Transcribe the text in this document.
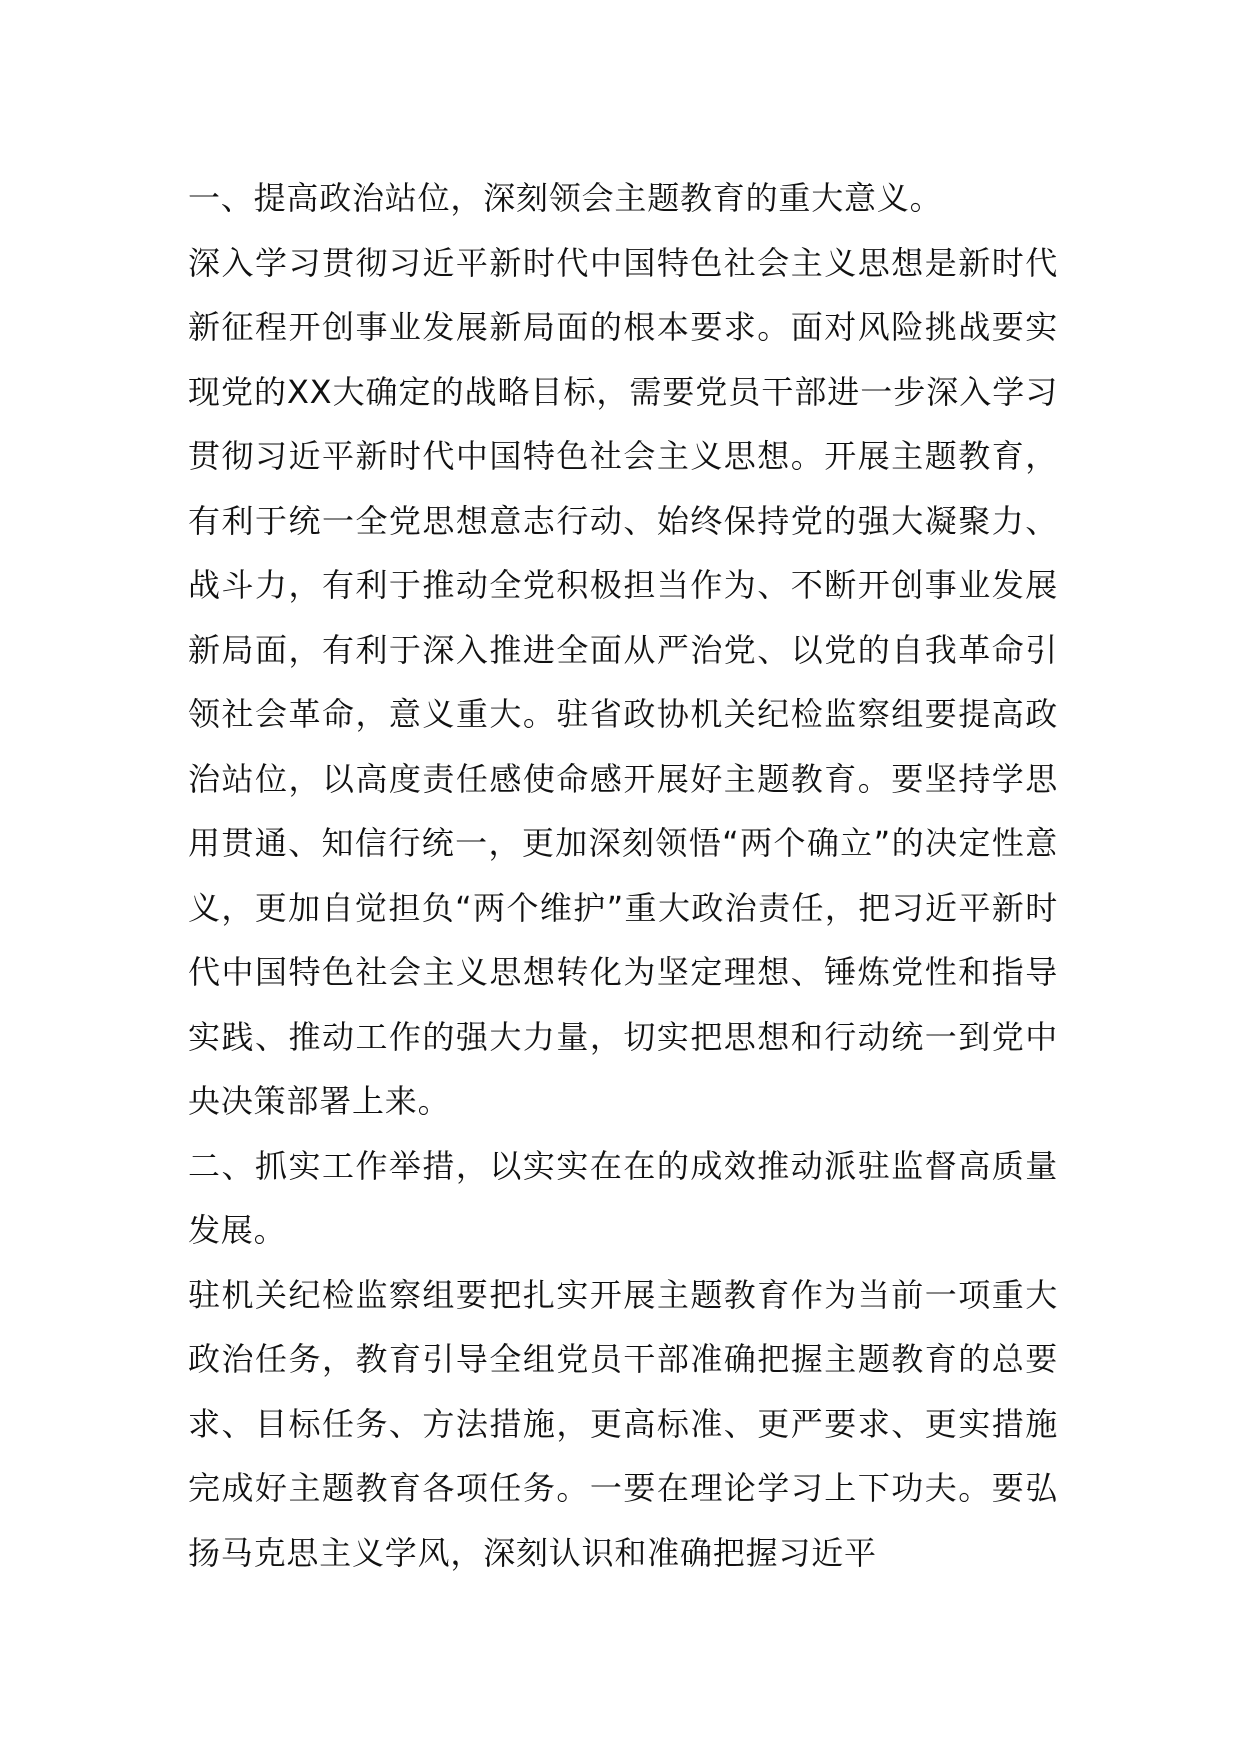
一、提高政治站位，深刻领会主题教育的重大意义。

深入学习贯彻习近平新时代中国特色社会主义思想是新时代新征程开创事业发展新局面的根本要求。面对风险挑战要实现党的XX大确定的战略目标，需要党员干部进一步深入学习贯彻习近平新时代中国特色社会主义思想。开展主题教育，有利于统一全党思想意志行动、始终保持党的强大凝聚力、战斗力，有利于推动全党积极担当作为、不断开创事业发展新局面，有利于深入推进全面从严治党、以党的自我革命引领社会革命，意义重大。驻省政协机关纪检监察组要提高政治站位，以高度责任感使命感开展好主题教育。要坚持学思用贯通、知信行统一，更加深刻领悟“两个确立”的决定性意义，更加自觉担负“两个维护”重大政治责任，把习近平新时代中国特色社会主义思想转化为坚定理想、锤炼党性和指导实践、推动工作的强大力量，切实把思想和行动统一到党中央决策部署上来。

二、抓实工作举措，以实实在在的成效推动派驻监督高质量发展。

驻机关纪检监察组要把扎实开展主题教育作为当前一项重大政治任务，教育引导全组党员干部准确把握主题教育的总要求、目标任务、方法措施，更高标准、更严要求、更实措施完成好主题教育各项任务。一要在理论学习上下功夫。要弘扬马克思主义学风，深刻认识和准确把握习近平
